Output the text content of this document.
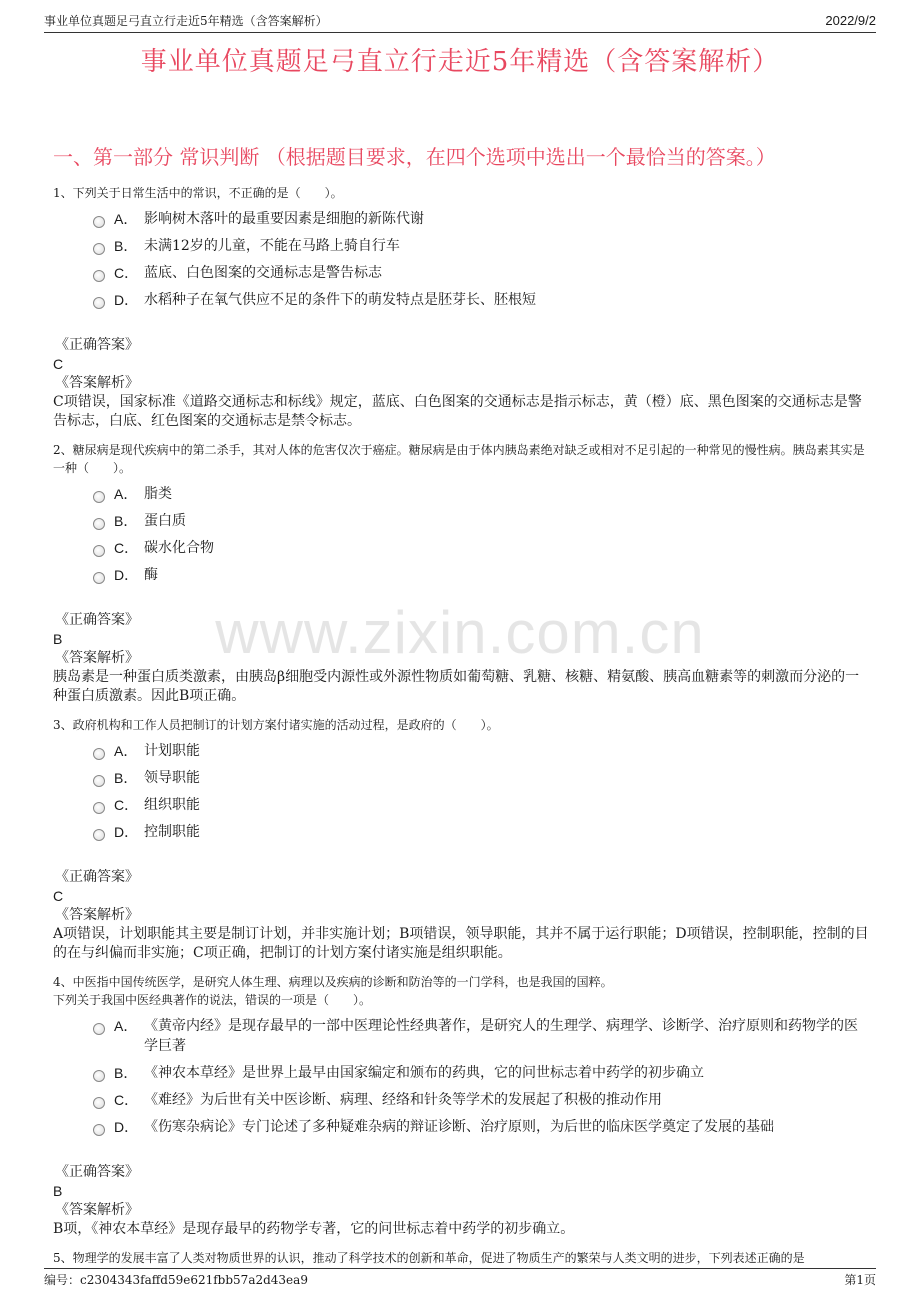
事业单位真题足弓直立行走近5年精选（含答案解析）	2022/9/2
事业单位真题足弓直立行走近5年精选（含答案解析）
一、第一部分 常识判断 （根据题目要求，在四个选项中选出一个最恰当的答案。）
www.zixin.com.cn
1、下列关于日常生活中的常识，不正确的是（　　）。
A． 影响树木落叶的最重要因素是细胞的新陈代谢
B． 未满12岁的儿童，不能在马路上骑自行车
C． 蓝底、白色图案的交通标志是警告标志
D． 水稻种子在氧气供应不足的条件下的萌发特点是胚芽长、胚根短
《正确答案》
C
《答案解析》
C项错误，国家标准《道路交通标志和标线》规定，蓝底、白色图案的交通标志是指示标志，黄（橙）底、黑色图案的交通标志是警告标志，白底、红色图案的交通标志是禁令标志。
2、糖尿病是现代疾病中的第二杀手，其对人体的危害仅次于癌症。糖尿病是由于体内胰岛素绝对缺乏或相对不足引起的一种常见的慢性病。胰岛素其实是一种（　　）。
A． 脂类
B． 蛋白质
C． 碳水化合物
D． 酶
《正确答案》
B
《答案解析》
胰岛素是一种蛋白质类激素，由胰岛β细胞受内源性或外源性物质如葡萄糖、乳糖、核糖、精氨酸、胰高血糖素等的刺激而分泌的一种蛋白质激素。因此B项正确。
3、政府机构和工作人员把制订的计划方案付诸实施的活动过程，是政府的（　　）。
A． 计划职能
B． 领导职能
C． 组织职能
D． 控制职能
《正确答案》
C
《答案解析》
A项错误，计划职能其主要是制订计划，并非实施计划；B项错误，领导职能，其并不属于运行职能；D项错误，控制职能，控制的目的在与纠偏而非实施；C项正确，把制订的计划方案付诸实施是组织职能。
4、中医指中国传统医学，是研究人体生理、病理以及疾病的诊断和防治等的一门学科，也是我国的国粹。
下列关于我国中医经典著作的说法，错误的一项是（　　）。
A． 《黄帝内经》是现存最早的一部中医理论性经典著作，是研究人的生理学、病理学、诊断学、治疗原则和药物学的医学巨著
B． 《神农本草经》是世界上最早由国家编定和颁布的药典，它的问世标志着中药学的初步确立
C． 《难经》为后世有关中医诊断、病理、经络和针灸等学术的发展起了积极的推动作用
D． 《伤寒杂病论》专门论述了多种疑难杂病的辩证诊断、治疗原则，为后世的临床医学奠定了发展的基础
《正确答案》
B
《答案解析》
B项，《神农本草经》是现存最早的药物学专著，它的问世标志着中药学的初步确立。
5、物理学的发展丰富了人类对物质世界的认识，推动了科学技术的创新和革命，促进了物质生产的繁荣与人类文明的进步，下列表述正确的是
编号：c2304343faffd59e621fbb57a2d43ea9	第1页
